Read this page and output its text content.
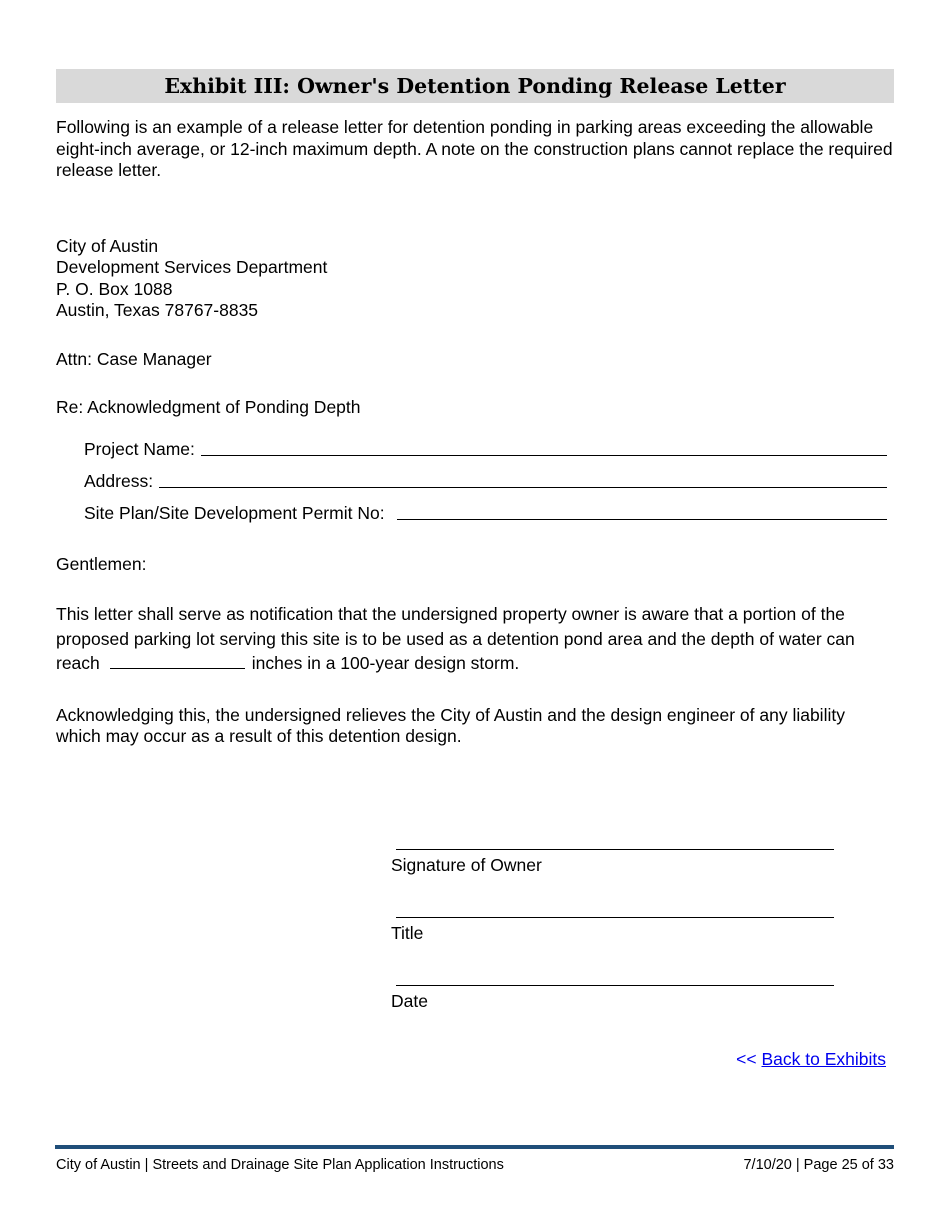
Exhibit III: Owner's Detention Ponding Release Letter

Following is an example of a release letter for detention ponding in parking areas exceeding the allowable eight-inch average, or 12-inch maximum depth. A note on the construction plans cannot replace the required release letter.

City of Austin
Development Services Department
P. O. Box 1088
Austin, Texas 78767-8835
Attn: Case Manager
Re: Acknowledgment of Ponding Depth
Project Name:
Address:
Site Plan/Site Development Permit No:
Gentlemen:
This letter shall serve as notification that the undersigned property owner is aware that a portion of the proposed parking lot serving this site is to be used as a detention pond area and the depth of water can reach	inches in a 100-year design storm.
Acknowledging this, the undersigned relieves the City of Austin and the design engineer of any liability which may occur as a result of this detention design.
Signature of Owner
Title
Date
<< Back to Exhibits
City of Austin | Streets and Drainage Site Plan Application Instructions	7/10/20 | Page 25 of 33
